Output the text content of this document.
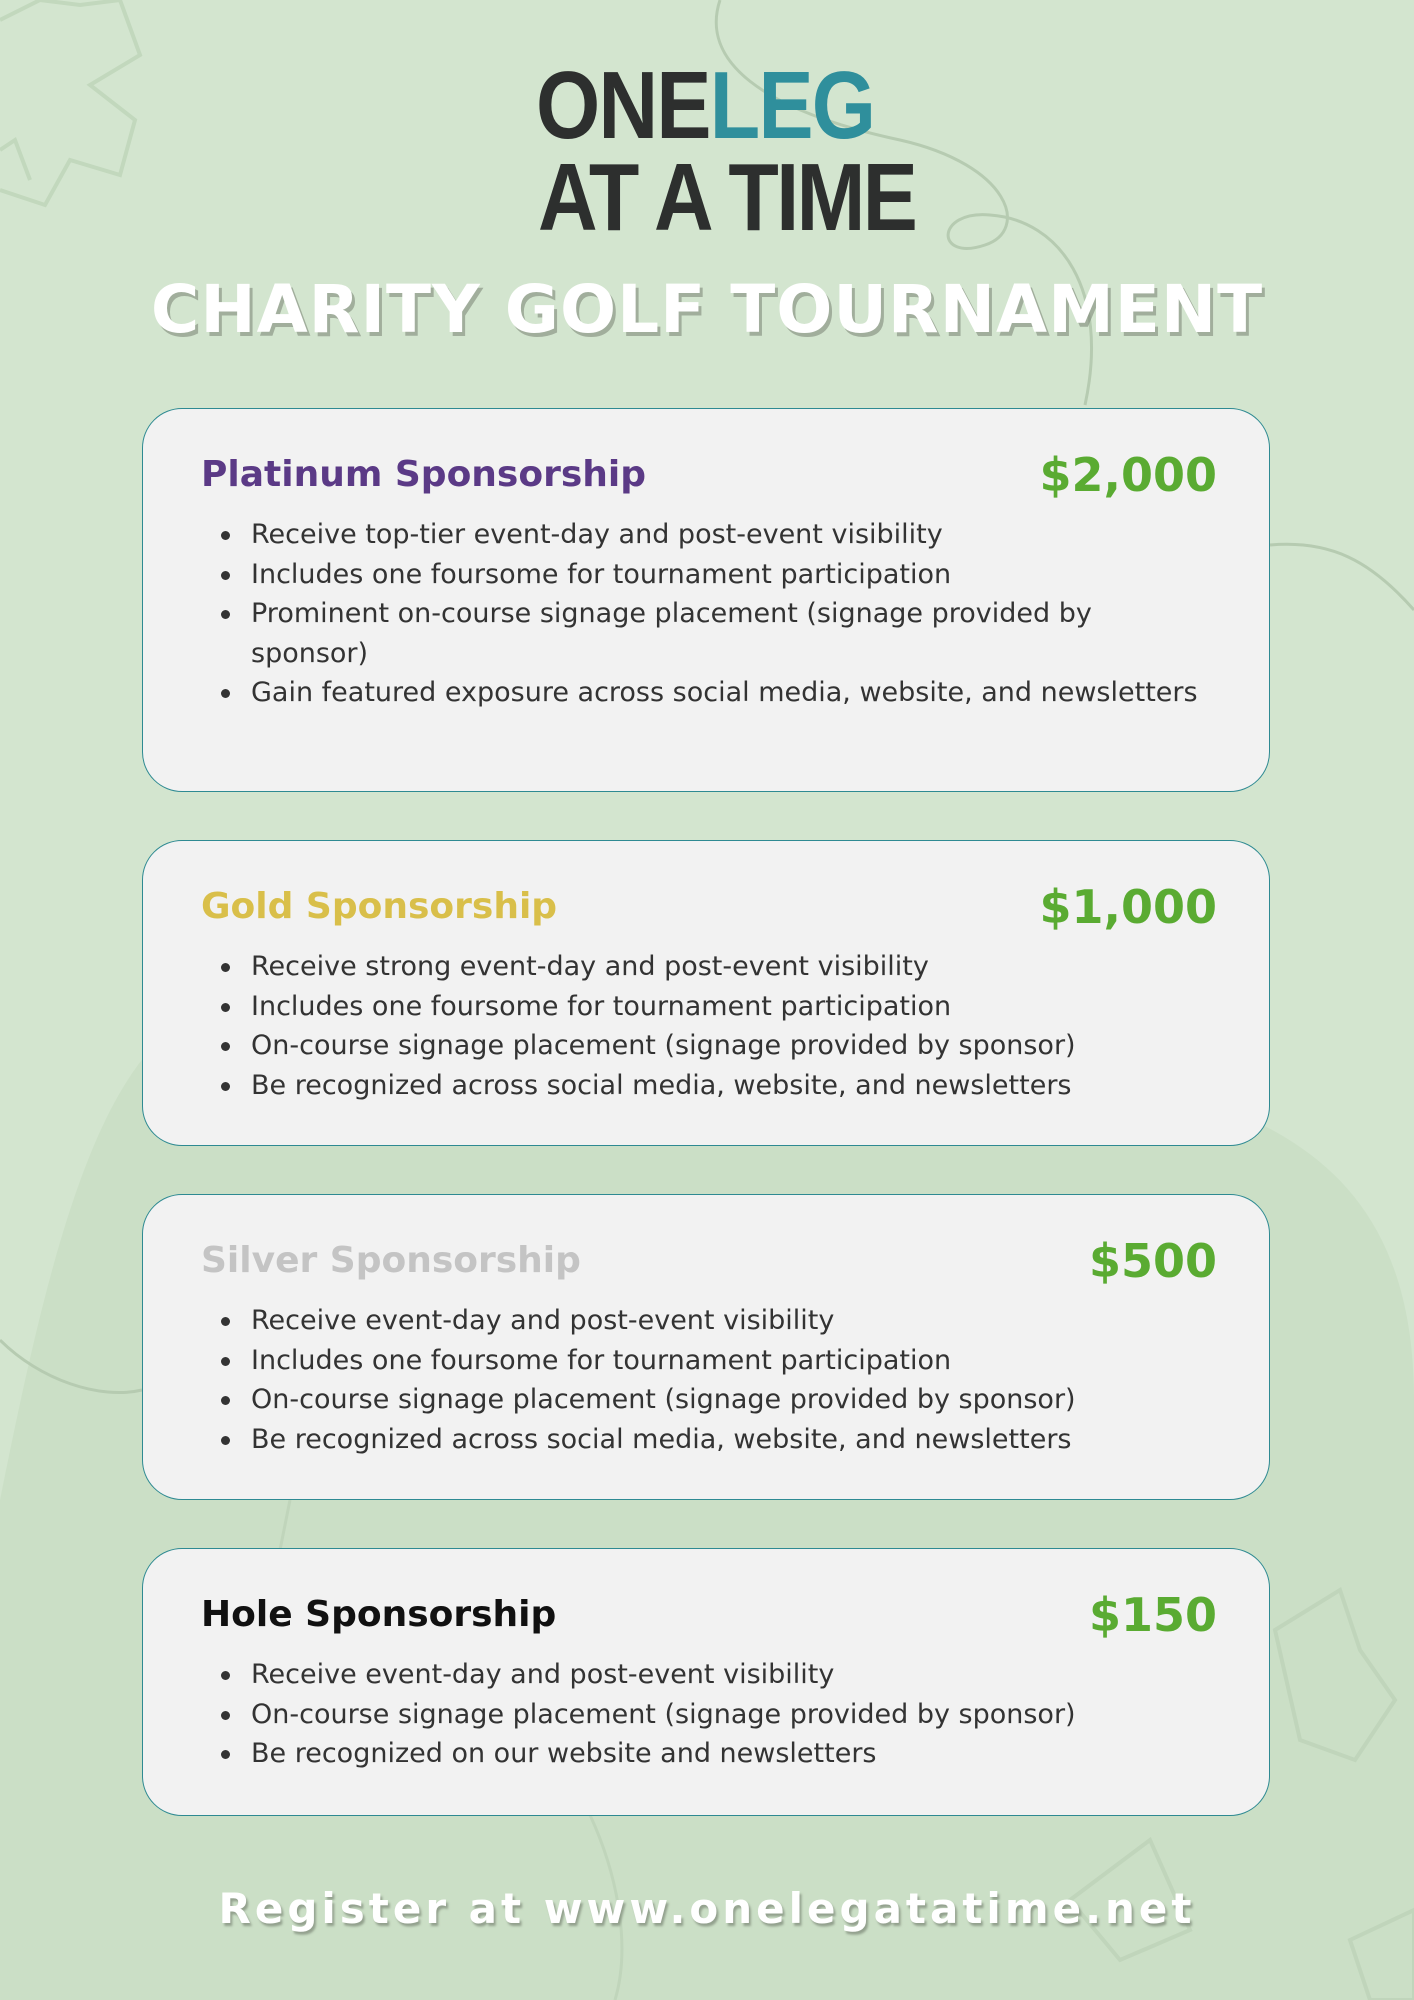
ONELEG
AT A TIME
CHARITY GOLF TOURNAMENT
Platinum Sponsorship	$2,000
Receive top-tier event-day and post-event visibility
Includes one foursome for tournament participation
Prominent on-course signage placement (signage provided by sponsor)
Gain featured exposure across social media, website, and newsletters
Gold Sponsorship	$1,000
Receive strong event-day and post-event visibility
Includes one foursome for tournament participation
On-course signage placement (signage provided by sponsor)
Be recognized across social media, website, and newsletters
Silver Sponsorship	$500
Receive event-day and post-event visibility
Includes one foursome for tournament participation
On-course signage placement (signage provided by sponsor)
Be recognized across social media, website, and newsletters
Hole Sponsorship	$150
Receive event-day and post-event visibility
On-course signage placement (signage provided by sponsor)
Be recognized on our website and newsletters
Register at www.onelegatatime.net
